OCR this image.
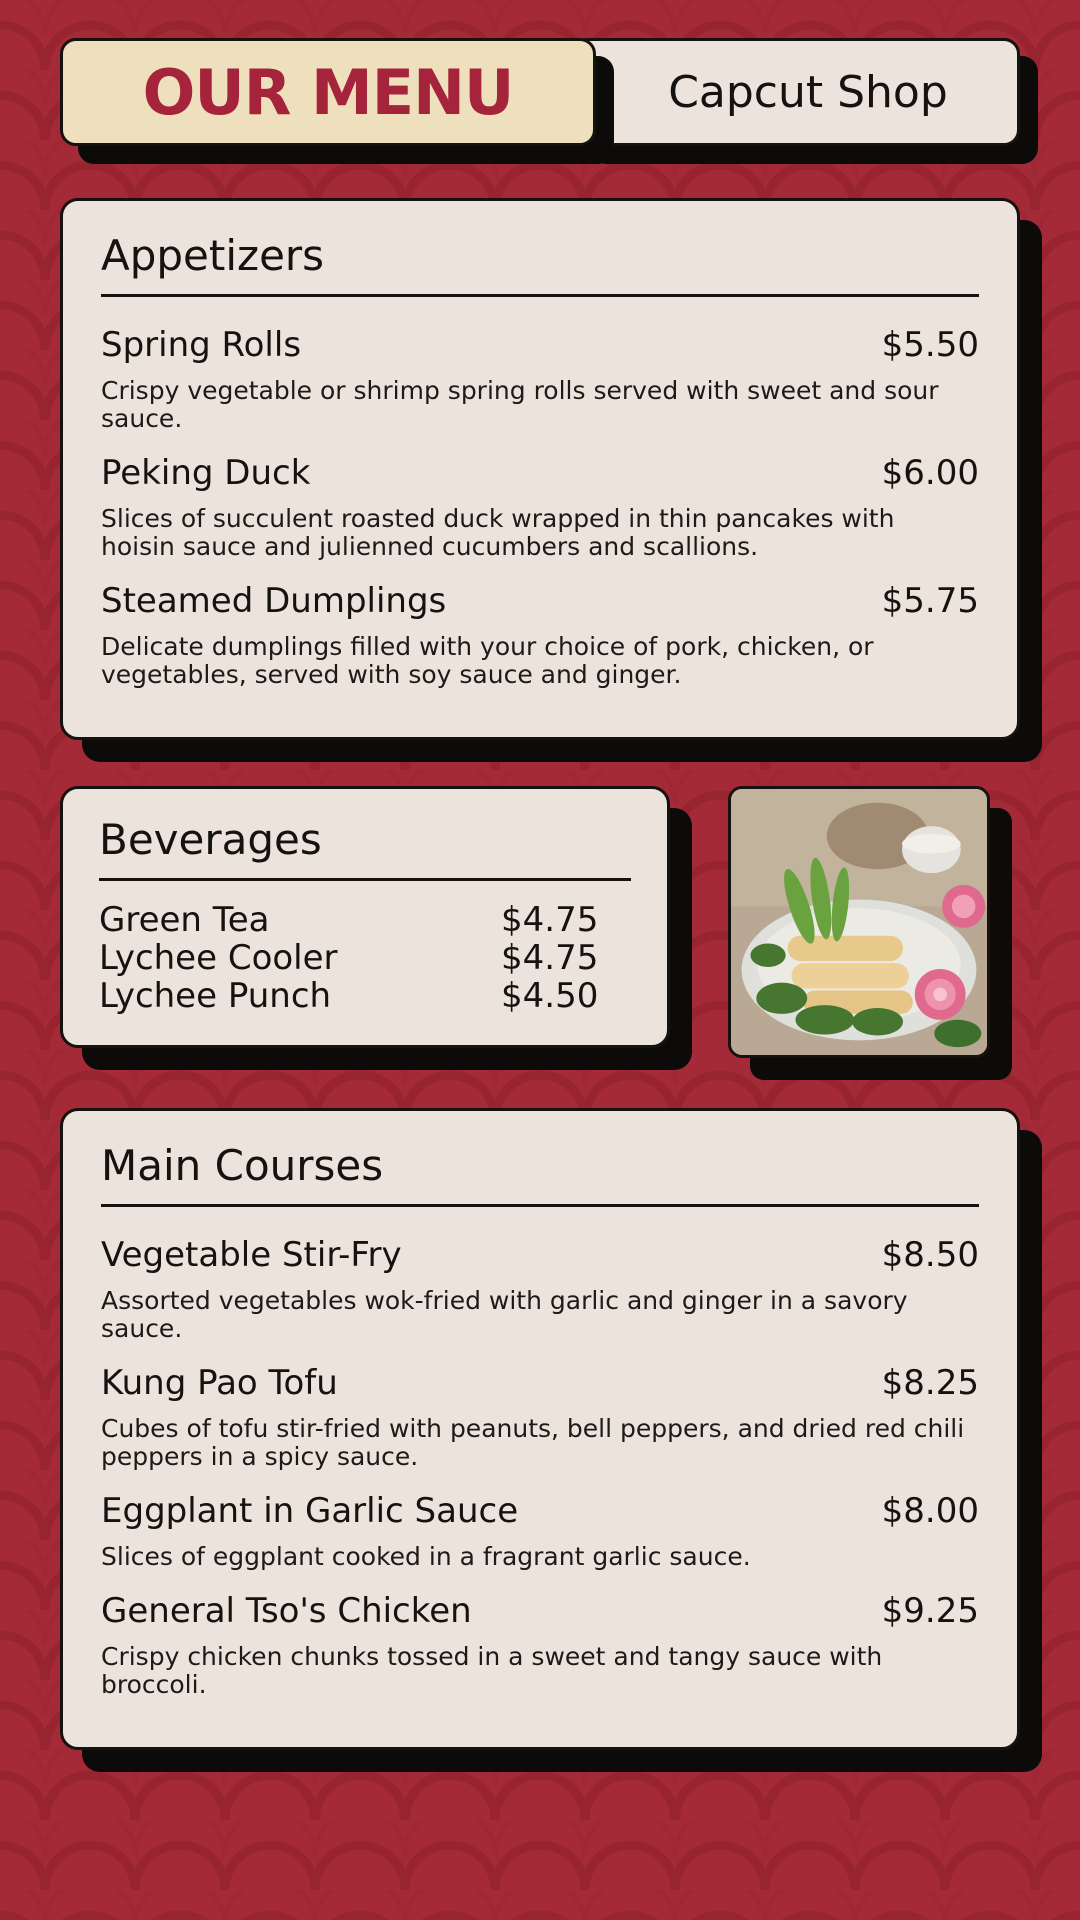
OUR MENU	Capcut Shop
Appetizers
Spring Rolls	$5.50
Crispy vegetable or shrimp spring rolls served with sweet and sour sauce.
Peking Duck	$6.00
Slices of succulent roasted duck wrapped in thin pancakes with hoisin sauce and julienned cucumbers and scallions.
Steamed Dumplings	$5.75
Delicate dumplings filled with your choice of pork, chicken, or vegetables, served with soy sauce and ginger.
Beverages
Green Tea	$4.75
Lychee Cooler	$4.75
Lychee Punch	$4.50
Main Courses
Vegetable Stir-Fry	$8.50
Assorted vegetables wok-fried with garlic and ginger in a savory sauce.
Kung Pao Tofu	$8.25
Cubes of tofu stir-fried with peanuts, bell peppers, and dried red chili peppers in a spicy sauce.
Eggplant in Garlic Sauce	$8.00
Slices of eggplant cooked in a fragrant garlic sauce.
General Tso's Chicken	$9.25
Crispy chicken chunks tossed in a sweet and tangy sauce with broccoli.
